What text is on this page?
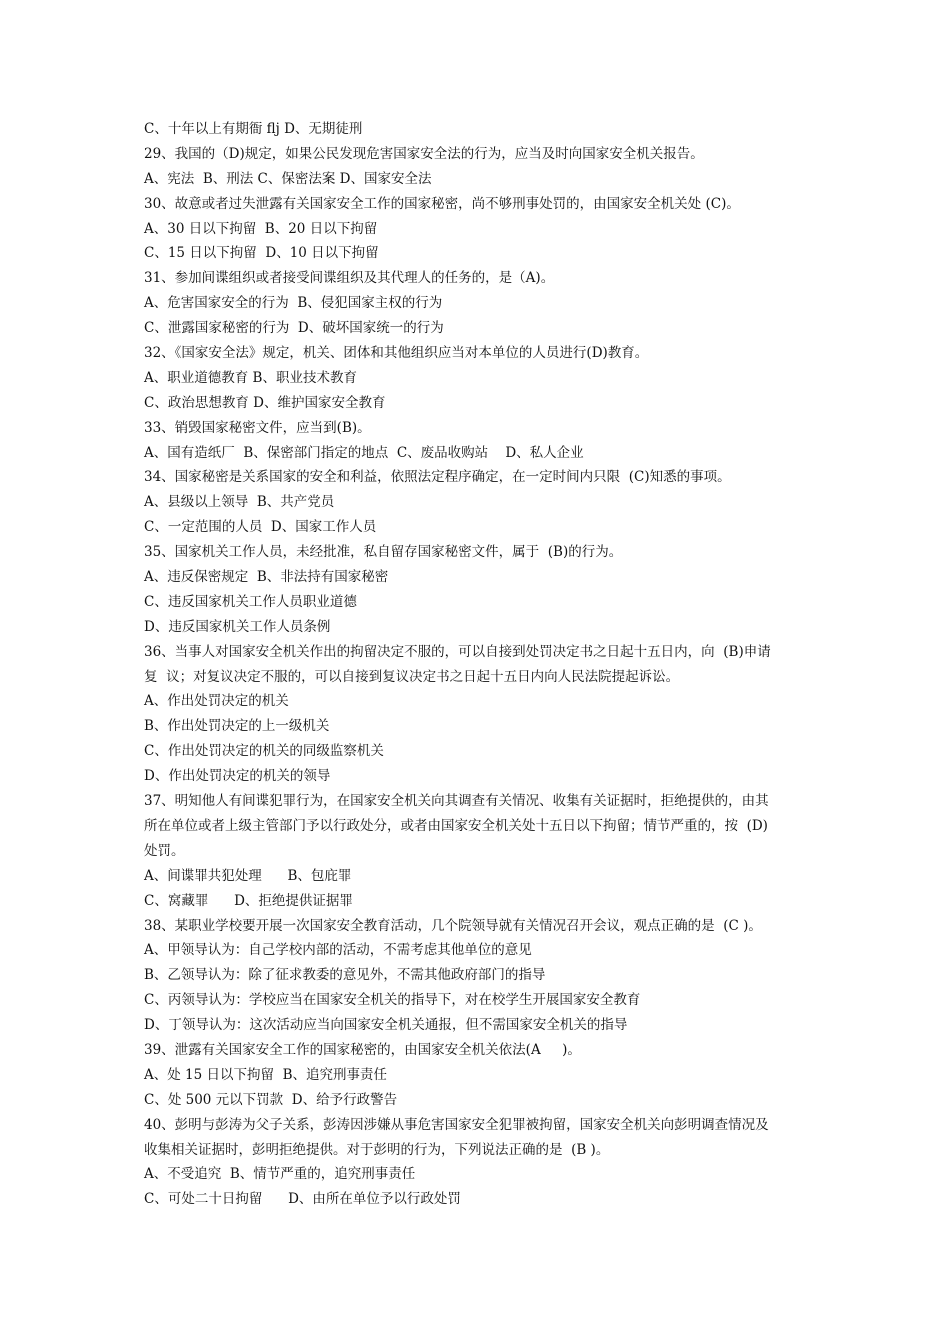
C、十年以上有期衙 flj D、无期徒刑
29、我国的（D)规定，如果公民发现危害国家安全法的行为，应当及时向国家安全机关报告。
A、宪法  B、刑法 C、保密法案 D、国家安全法
30、故意或者过失泄露有关国家安全工作的国家秘密，尚不够刑事处罚的，由国家安全机关处 (C)。
A、30 日以下拘留  B、20 日以下拘留
C、15 日以下拘留  D、10 日以下拘留
31、参加间谍组织或者接受间谍组织及其代理人的任务的，是（A)。
A、危害国家安全的行为  B、侵犯国家主权的行为
C、泄露国家秘密的行为  D、破坏国家统一的行为
32、《国家安全法》规定，机关、团体和其他组织应当对本单位的人员进行(D)教育。
A、职业道德教育 B、职业技术教育
C、政治思想教育 D、维护国家安全教育
33、销毁国家秘密文件，应当到(B)。
A、国有造纸厂  B、保密部门指定的地点  C、废品收购站    D、私人企业
34、国家秘密是关系国家的安全和利益，依照法定程序确定，在一定时间内只限  (C)知悉的事项。
A、县级以上领导  B、共产党员
C、一定范围的人员  D、国家工作人员
35、国家机关工作人员，未经批准，私自留存国家秘密文件，属于  (B)的行为。
A、违反保密规定  B、非法持有国家秘密
C、违反国家机关工作人员职业道德
D、违反国家机关工作人员条例
36、当事人对国家安全机关作出的拘留决定不服的，可以自接到处罚决定书之日起十五日内，向  (B)申请
复  议；对复议决定不服的，可以自接到复议决定书之日起十五日内向人民法院提起诉讼。
A、作出处罚决定的机关
B、作出处罚决定的上一级机关
C、作出处罚决定的机关的同级监察机关
D、作出处罚决定的机关的领导
37、明知他人有间谍犯罪行为，在国家安全机关向其调查有关情况、收集有关证据时，拒绝提供的，由其
所在单位或者上级主管部门予以行政处分，或者由国家安全机关处十五日以下拘留；情节严重的，按  (D)
处罚。
A、间谍罪共犯处理      B、包庇罪
C、窝藏罪      D、拒绝提供证据罪
38、某职业学校要开展一次国家安全教育活动，几个院领导就有关情况召开会议，观点正确的是  (C )。
A、甲领导认为：自己学校内部的活动，不需考虑其他单位的意见
B、乙领导认为：除了征求教委的意见外，不需其他政府部门的指导
C、丙领导认为：学校应当在国家安全机关的指导下，对在校学生开展国家安全教育
D、丁领导认为：这次活动应当向国家安全机关通报，但不需国家安全机关的指导
39、泄露有关国家安全工作的国家秘密的，由国家安全机关依法(A     )。
A、处 15 日以下拘留  B、追究刑事责任
C、处 500 元以下罚款  D、给予行政警告
40、彭明与彭涛为父子关系，彭涛因涉嫌从事危害国家安全犯罪被拘留，国家安全机关向彭明调查情况及
收集相关证据时，彭明拒绝提供。对于彭明的行为，下列说法正确的是  (B )。
A、不受追究  B、情节严重的，追究刑事责任
C、可处二十日拘留      D、由所在单位予以行政处罚
